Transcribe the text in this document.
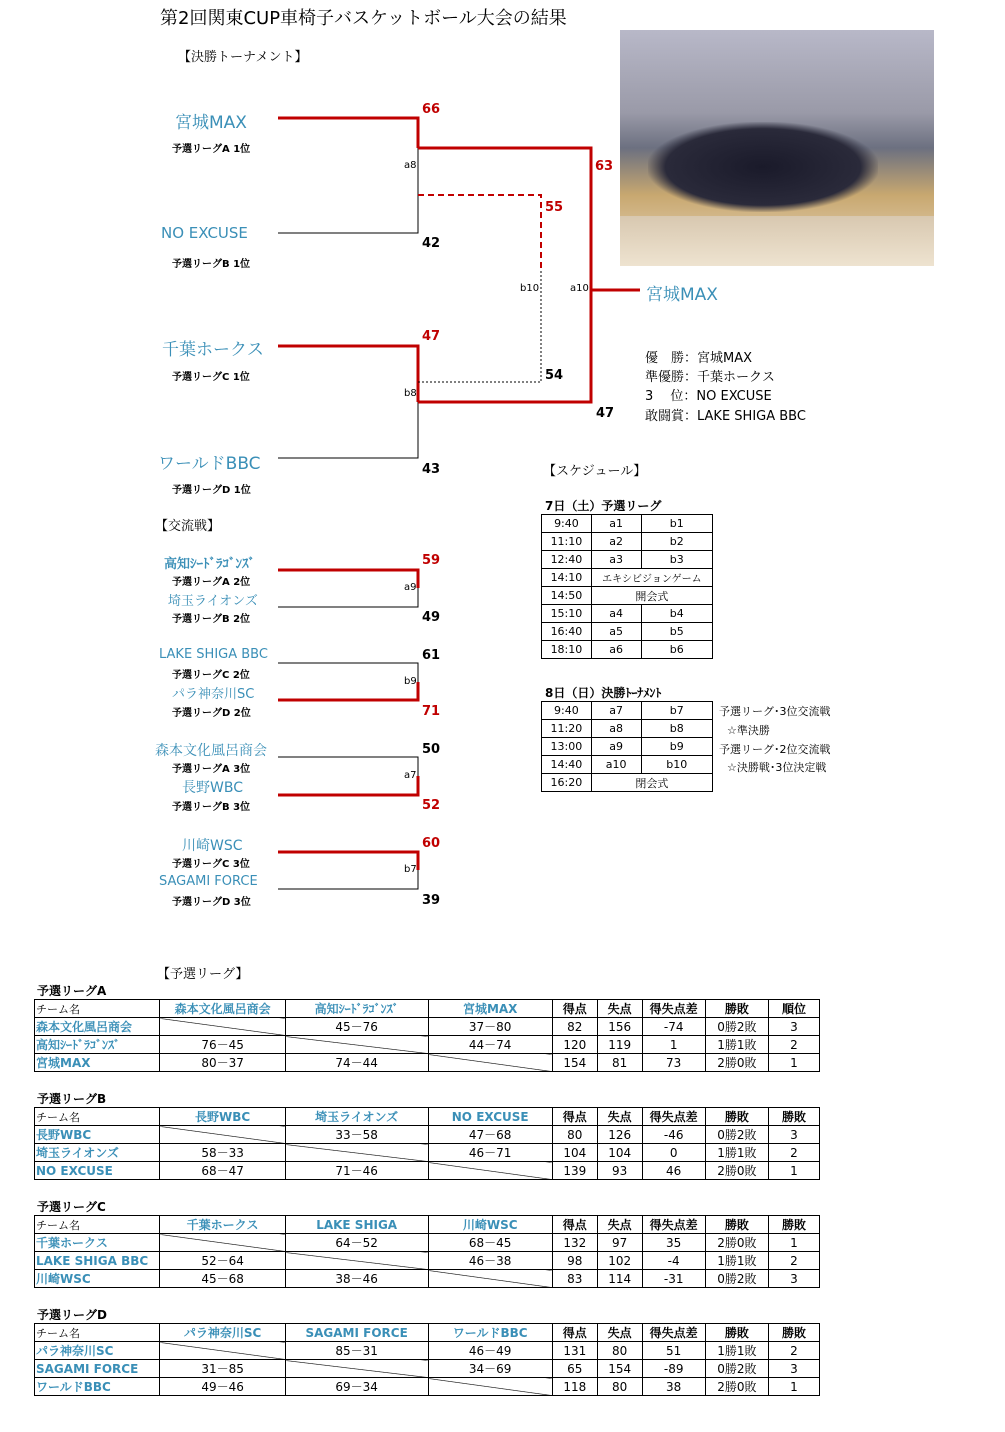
第2回関東CUP車椅子バスケットボール大会の結果
【決勝トーナメント】
宮城MAX
予選リーグA 1位
66
NO EXCUSE
予選リーグB 1位
42
千葉ホークス
予選リーグC 1位
47
ワールドBBC
予選リーグD 1位
43
a8
b8
b10	a10
63
55
54
47
宮城MAX
優　勝：宮城MAX
準優勝：千葉ホークス
3　 位：NO EXCUSE
敢闘賞：LAKE SHIGA BBC
【交流戦】
高知ｼｰﾄﾞﾗｺﾞﾝｽﾞ
予選リーグA 2位
埼玉ライオンズ
予選リーグB 2位
59
49
a9
LAKE SHIGA BBC
予選リーグC 2位
パラ神奈川SC
予選リーグD 2位
61
71
b9
森本文化風呂商会
予選リーグA 3位
長野WBC
予選リーグB 3位
50
52
a7
川崎WSC
予選リーグC 3位
SAGAMI FORCE
予選リーグD 3位
60
39
b7
【スケジュール】
7日（土）予選リーグ
9:40	a1	b1
11:10	a2	b2
12:40	a3	b3
14:10	エキシビジョンゲーム	
14:50	開会式	
15:10	a4	b4
16:40	a5	b5
18:10	a6	b6
8日（日）決勝ﾄｰﾅﾒﾝﾄ
9:40	a7	b7
11:20	a8	b8
13:00	a9	b9
14:40	a10	b10
16:20	閉会式	
予選リーグ･3位交流戦
☆準決勝
予選リーグ･2位交流戦
☆決勝戦･3位決定戦
【予選リーグ】
予選リーグA
チーム名	森本文化風呂商会	高知ｼｰﾄﾞﾗｺﾞﾝｽﾞ	宮城MAX	得点	失点	得失点差	勝敗	順位
森本文化風呂商会		45－76	37－80	82	156	-74	0勝2敗	3
高知ｼｰﾄﾞﾗｺﾞﾝｽﾞ	76－45		44－74	120	119	1	1勝1敗	2
宮城MAX	80－37	74－44		154	81	73	2勝0敗	1
予選リーグB
チーム名	長野WBC	埼玉ライオンズ	NO EXCUSE	得点	失点	得失点差	勝敗	勝敗
長野WBC		33－58	47－68	80	126	-46	0勝2敗	3
埼玉ライオンズ	58－33		46－71	104	104	0	1勝1敗	2
NO EXCUSE	68－47	71－46		139	93	46	2勝0敗	1
予選リーグC
チーム名	千葉ホークス	LAKE SHIGA	川崎WSC	得点	失点	得失点差	勝敗	勝敗
千葉ホークス		64－52	68－45	132	97	35	2勝0敗	1
LAKE SHIGA BBC	52－64		46－38	98	102	-4	1勝1敗	2
川崎WSC	45－68	38－46		83	114	-31	0勝2敗	3
予選リーグD
チーム名	パラ神奈川SC	SAGAMI FORCE	ワールドBBC	得点	失点	得失点差	勝敗	勝敗
パラ神奈川SC		85－31	46－49	131	80	51	1勝1敗	2
SAGAMI FORCE	31－85		34－69	65	154	-89	0勝2敗	3
ワールドBBC	49－46	69－34		118	80	38	2勝0敗	1
